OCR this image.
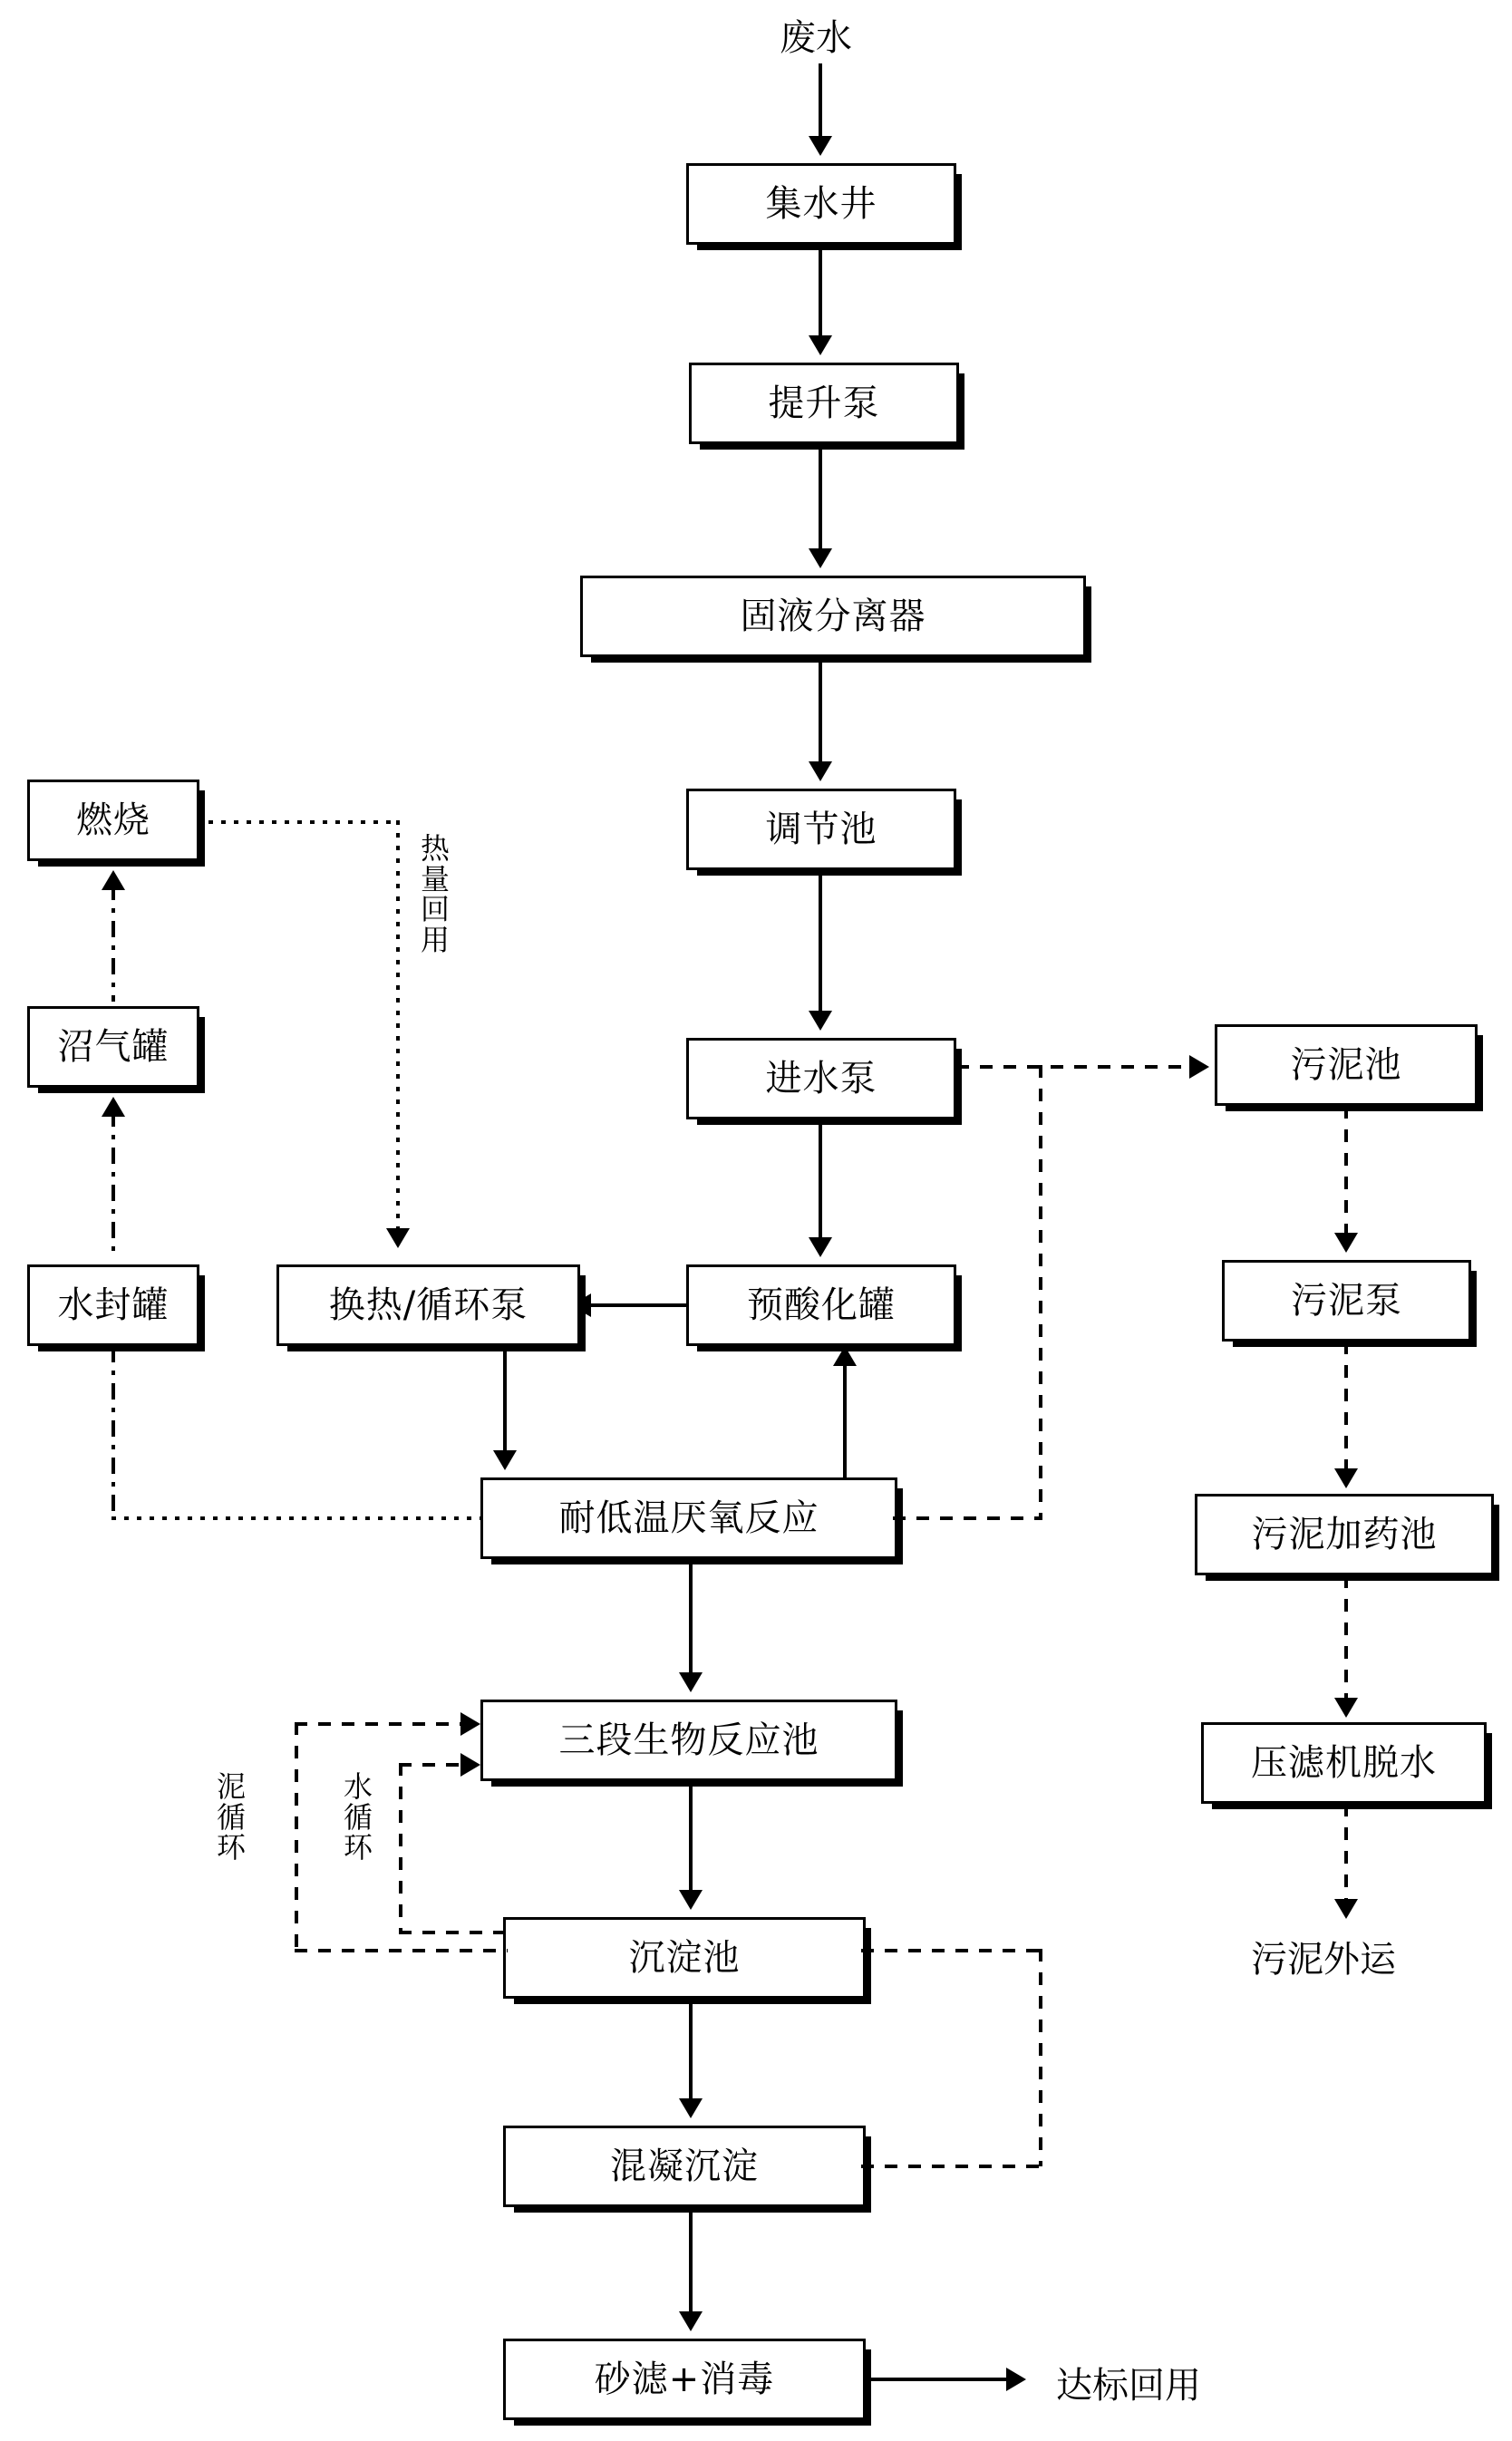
废水
集水井
提升泵
固液分离器
调节池
进水泵
预酸化罐
换热/循环泵
耐低温厌氧反应
三段生物反应池
沉淀池
混凝沉淀
砂滤+消毒	达标回用
燃烧
沼气罐
水封罐
热量回用
污泥池
污泥泵
污泥加药池
压滤机脱水
污泥外运
泥循环
水循环
